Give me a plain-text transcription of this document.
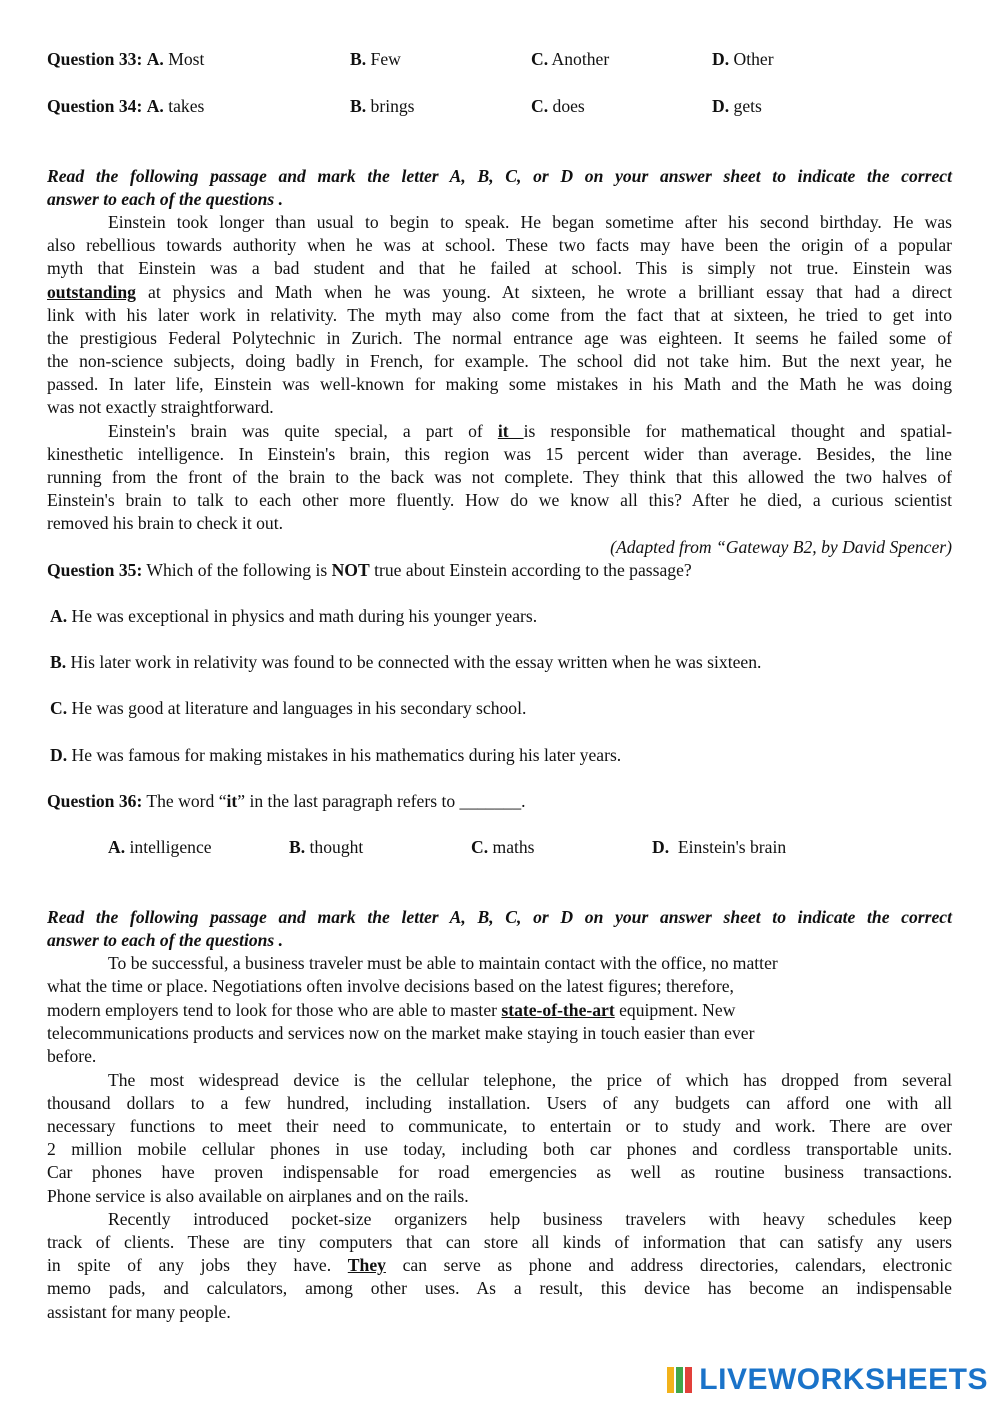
Question 33: A. Most	B. Few	C. Another	D. Other
Question 34: A. takes	B. brings	C. does	D. gets
Read the following passage and mark the letter A, B, C, or D on your answer sheet to indicate the correct
answer to each of the questions .
Einstein took longer than usual to begin to speak. He began sometime after his second birthday. He was
also rebellious towards authority when he was at school. These two facts may have been the origin of a popular
myth that Einstein was a bad student and that he failed at school. This is simply not true. Einstein was
outstanding at physics and Math when he was young. At sixteen, he wrote a brilliant essay that had a direct
link with his later work in relativity. The myth may also come from the fact that at sixteen, he tried to get into
the prestigious Federal Polytechnic in Zurich. The normal entrance age was eighteen. It seems he failed some of
the non-science subjects, doing badly in French, for example. The school did not take him. But the next year, he
passed. In later life, Einstein was well-known for making some mistakes in his Math and the Math he was doing
was not exactly straightforward.
Einstein's brain was quite special, a part of it is responsible for mathematical thought and spatial-
kinesthetic intelligence. In Einstein's brain, this region was 15 percent wider than average. Besides, the line
running from the front of the brain to the back was not complete. They think that this allowed the two halves of
Einstein's brain to talk to each other more fluently. How do we know all this? After he died, a curious scientist
removed his brain to check it out.
(Adapted from “Gateway B2, by David Spencer)
Question 35: Which of the following is NOT true about Einstein according to the passage?
A. He was exceptional in physics and math during his younger years.
B. His later work in relativity was found to be connected with the essay written when he was sixteen.
C. He was good at literature and languages in his secondary school.
D. He was famous for making mistakes in his mathematics during his later years.
Question 36: The word “it” in the last paragraph refers to _______.
A. intelligence	B. thought	C. maths	D.  Einstein's brain
Read the following passage and mark the letter A, B, C, or D on your answer sheet to indicate the correct
answer to each of the questions .
To be successful, a business traveler must be able to maintain contact with the office, no matter
what the time or place. Negotiations often involve decisions based on the latest figures; therefore,
modern employers tend to look for those who are able to master state-of-the-art equipment. New
telecommunications products and services now on the market make staying in touch easier than ever
before.
The most widespread device is the cellular telephone, the price of which has dropped from several
thousand dollars to a few hundred, including installation. Users of any budgets can afford one with all
necessary functions to meet their need to communicate, to entertain or to study and work. There are over
2 million mobile cellular phones in use today, including both car phones and cordless transportable units.
Car phones have proven indispensable for road emergencies as well as routine business transactions.
Phone service is also available on airplanes and on the rails.
Recently introduced pocket-size organizers help business travelers with heavy schedules keep
track of clients. These are tiny computers that can store all kinds of information that can satisfy any users
in spite of any jobs they have. They can serve as phone and address directories, calendars, electronic
memo pads, and calculators, among other uses. As a result, this device has become an indispensable
assistant for many people.
LIVEWORKSHEETS
